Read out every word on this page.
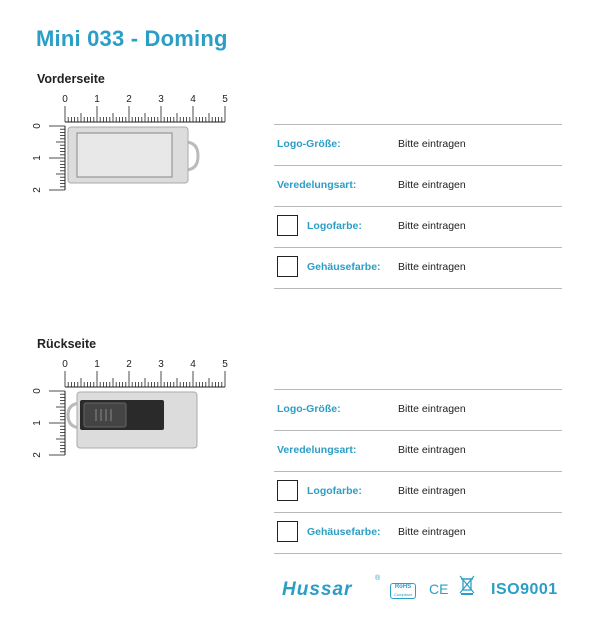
Mini 033 - Doming
Vorderseite
0	1	2	3	4	5
0
1
2
Logo-Größe:	Bitte eintragen
Veredelungsart:	Bitte eintragen
Logofarbe:	Bitte eintragen
Gehäusefarbe: Bitte eintragen
Rückseite
0	1	2	3	4	5
0
1
2
Logo-Größe:	Bitte eintragen
Veredelungsart:	Bitte eintragen
Logofarbe:	Bitte eintragen
Gehäusefarbe: Bitte eintragen
Hussar
®
RoHS
Compliant CE	ISO9001
